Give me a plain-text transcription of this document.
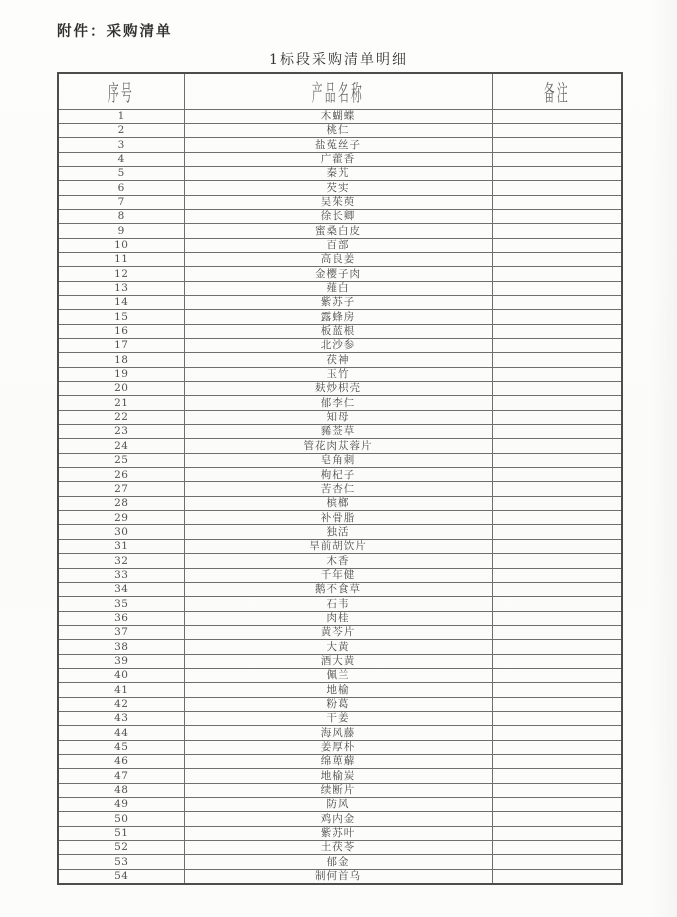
附件：采购清单
1标段采购清单明细
序号	产品名称	备注
1	木蝴蝶	
2	桃仁	
3	盐菟丝子	
4	广藿香	
5	秦艽	
6	芡实	
7	吴茱萸	
8	徐长卿	
9	蜜桑白皮	
10	百部	
11	高良姜	
12	金樱子肉	
13	薤白	
14	紫苏子	
15	露蜂房	
16	板蓝根	
17	北沙参	
18	茯神	
19	玉竹	
20	麸炒枳壳	
21	郁李仁	
22	知母	
23	豨莶草	
24	管花肉苁蓉片	
25	皂角刺	
26	枸杞子	
27	苦杏仁	
28	槟榔	
29	补骨脂	
30	独活	
31	旱前胡饮片	
32	木香	
33	千年健	
34	鹅不食草	
35	石韦	
36	肉桂	
37	黄芩片	
38	大黄	
39	酒大黄	
40	佩兰	
41	地榆	
42	粉葛	
43	干姜	
44	海风藤	
45	姜厚朴	
46	绵萆薢	
47	地榆炭	
48	续断片	
49	防风	
50	鸡内金	
51	紫苏叶	
52	土茯苓	
53	郁金	
54	制何首乌	
